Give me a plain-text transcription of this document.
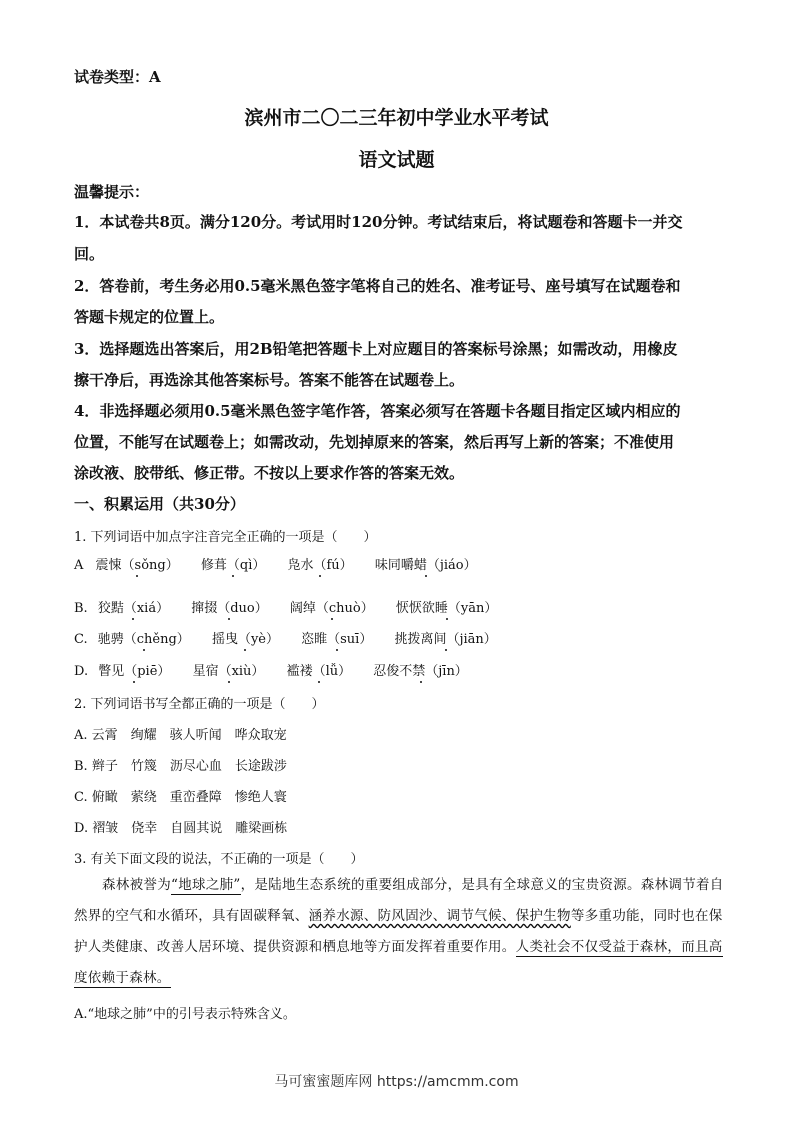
试卷类型：A
滨州市二〇二三年初中学业水平考试
语文试题
温馨提示：
1．本试卷共8页。满分120分。考试用时120分钟。考试结束后，将试题卷和答题卡一并交
回。
2．答卷前，考生务必用0.5毫米黑色签字笔将自己的姓名、准考证号、座号填写在试题卷和
答题卡规定的位置上。
3．选择题选出答案后，用2B铅笔把答题卡上对应题目的答案标号涂黑；如需改动，用橡皮
擦干净后，再选涂其他答案标号。答案不能答在试题卷上。
4．非选择题必须用0.5毫米黑色签字笔作答，答案必须写在答题卡各题目指定区域内相应的
位置，不能写在试题卷上；如需改动，先划掉原来的答案，然后再写上新的答案；不准使用
涂改液、胶带纸、修正带。不按以上要求作答的答案无效。
一、积累运用（共30分）
1. 下列词语中加点字注音完全正确的一项是（　　）
A 震悚（sǒng） 修葺（qì） 凫水（fú） 味同嚼蜡（jiáo）
B. 狡黠（xiá） 撺掇（duo） 阔绰（chuò） 恹恹欲睡（yān）
C. 驰骋（chěng） 摇曳（yè） 恣睢（suī） 挑拨离间（jiān）
D. 瞥见（piē） 星宿（xiù） 褴褛（lǚ） 忍俊不禁（jīn）
2. 下列词语书写全都正确的一项是（　　）
A. 云霄　绚耀　骇人听闻　哗众取宠
B. 辫子　竹篾　沥尽心血　长途跋涉
C. 俯瞰　萦绕　重峦叠障　惨绝人寰
D. 褶皱　侥幸　自圆其说　雕梁画栋
3. 有关下面文段的说法，不正确的一项是（　　）
森林被誉为“地球之肺”，是陆地生态系统的重要组成部分，是具有全球意义的宝贵资源。森林调节着自然界的空气和水循环，具有固碳释氧、涵养水源、防风固沙、调节气候、保护生物等多重功能，同时也在保护人类健康、改善人居环境、提供资源和栖息地等方面发挥着重要作用。人类社会不仅受益于森林，而且高度依赖于森林。
A.“地球之肺”中的引号表示特殊含义。
马可蜜蜜题库网 https://amcmm.com
